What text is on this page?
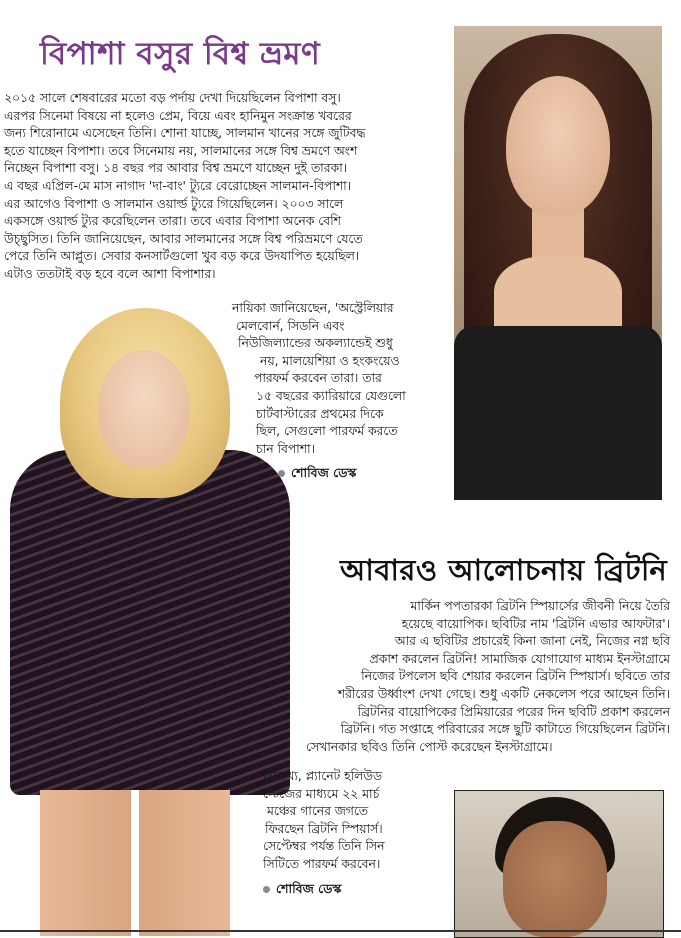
বিপাশা বসুর বিশ্ব ভ্রমণ
২০১৫ সালে শেষবারের মতো বড় পর্দায় দেখা দিয়েছিলেন বিপাশা বসু।
এরপর সিনেমা বিষয়ে না হলেও প্রেম, বিয়ে এবং হানিমুন সংক্রান্ত খবরের
জন্য শিরোনামে এসেছেন তিনি। শোনা যাচ্ছে, সালমান খানের সঙ্গে জুটিবদ্ধ
হতে যাচ্ছেন বিপাশা। তবে সিনেমায় নয়, সালমানের সঙ্গে বিশ্ব ভ্রমণে অংশ
নিচ্ছেন বিপাশা বসু। ১৪ বছর পর আবার বিশ্ব ভ্রমণে যাচ্ছেন দুই তারকা।
এ বছর এপ্রিল-মে মাস নাগাদ 'দা-বাং' ট্যুরে বেরোচ্ছেন সালমান-বিপাশা।
এর আগেও বিপাশা ও সালমান ওয়ার্ল্ড ট্যুরে গিয়েছিলেন। ২০০৩ সালে
একসঙ্গে ওয়ার্ল্ড ট্যুর করেছিলেন তারা। তবে এবার বিপাশা অনেক বেশি
উচ্ছ্বসিত। তিনি জানিয়েছেন, আবার সালমানের সঙ্গে বিশ্ব পরিভ্রমণে যেতে
পেরে তিনি আপ্লুত। সেবার কনসার্টগুলো খুব বড় করে উদযাপিত হয়েছিল।
এটাও ততটাই বড় হবে বলে আশা বিপাশার।
নায়িকা জানিয়েছেন, 'অস্ট্রেলিয়ার
মেলবোর্ন, সিডনি এবং
নিউজিল্যান্ডের অকল্যান্ডেই শুধু
নয়, মালয়েশিয়া ও হংকংয়েও
পারফর্ম করবেন তারা। তার
১৫ বছরের ক্যারিয়ারে যেগুলো
চার্টবাস্টারের প্রথমের দিকে
ছিল, সেগুলো পারফর্ম করতে
চান বিপাশা।
শোবিজ ডেস্ক
আবারও আলোচনায় ব্রিটনি
মার্কিন পপতারকা ব্রিটনি স্পিয়ার্সের জীবনী নিয়ে তৈরি
হয়েছে বায়োপিক। ছবিটির নাম 'ব্রিটনি এভার আফটার'।
আর এ ছবিটির প্রচারেই কিনা জানা নেই, নিজের নগ্ন ছবি
প্রকাশ করলেন ব্রিটনি! সামাজিক যোগাযোগ মাধ্যম ইনস্টাগ্রামে
নিজের টপলেস ছবি শেয়ার করলেন ব্রিটনি স্পিয়ার্স। ছবিতে তার
শরীরের উর্ধ্বাংশ দেখা গেছে। শুধু একটি নেকলেস পরে আছেন তিনি।
ব্রিটনির বায়োপিকের প্রিমিয়ারের পরের দিন ছবিটি প্রকাশ করলেন
ব্রিটনি। গত সপ্তাহে পরিবারের সঙ্গে ছুটি কাটাতে গিয়েছিলেন ব্রিটনি।
সেখানকার ছবিও তিনি পোস্ট করেছেন ইনস্টাগ্রামে।
উল্লেখ্য, প্ল্যানেট হলিউড
স্টেজের মাধ্যমে ২২ মার্চ
মঞ্চের গানের জগতে
ফিরছেন ব্রিটনি স্পিয়ার্স।
সেপ্টেম্বর পর্যন্ত তিনি সিন
সিটিতে পারফর্ম করবেন।
শোবিজ ডেস্ক
